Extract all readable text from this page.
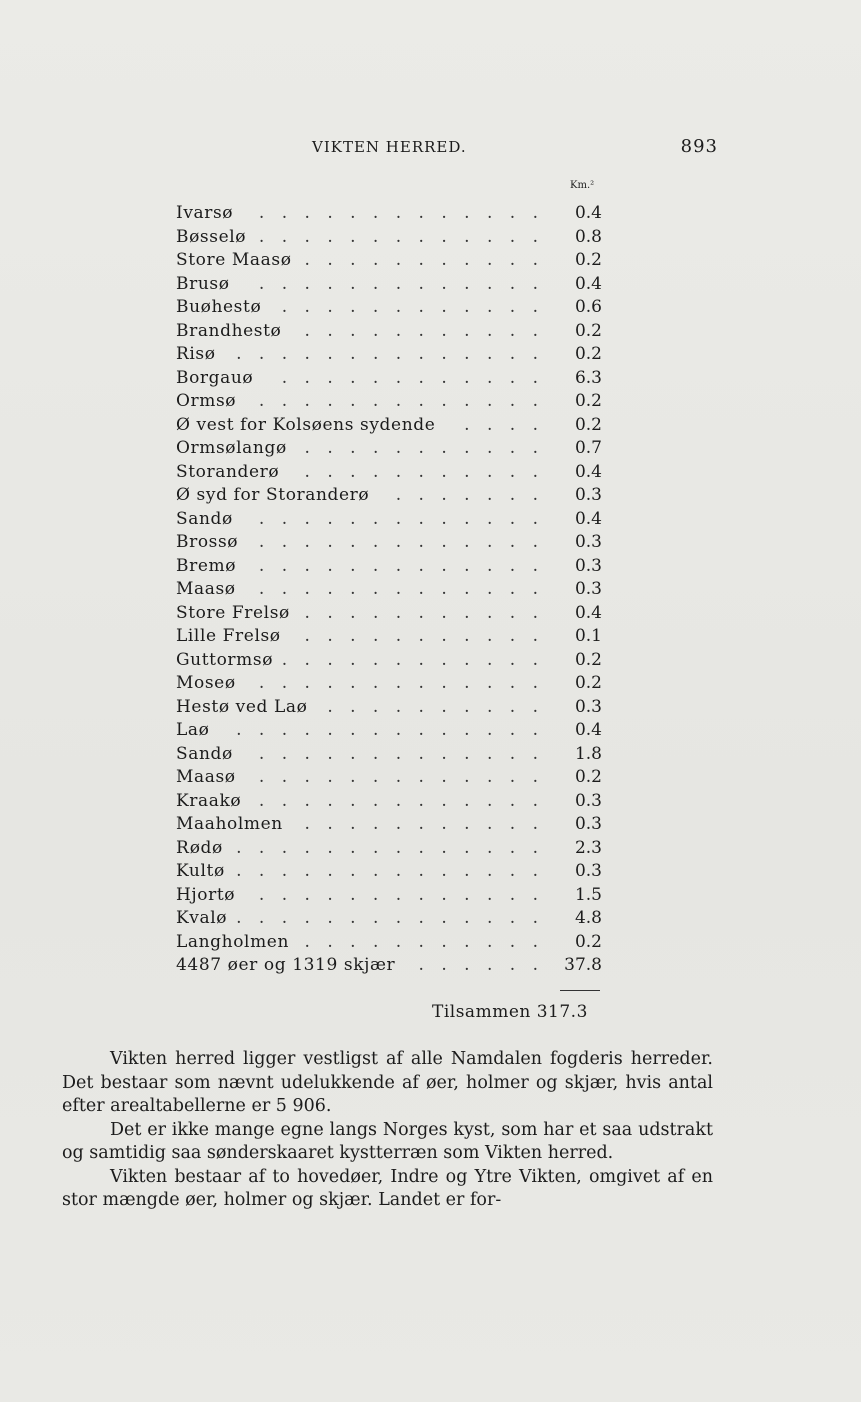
VIKTEN HERRED.	893
Km.²
Ivarsø . . . . . . . . . . . . .	0.4
Bøsselø . . . . . . . . . . . . .	0.8
Store Maasø . . . . . . . . . . .	0.2
Brusø . . . . . . . . . . . . .	0.4
Buøhestø . . . . . . . . . . . .	0.6
Brandhestø . . . . . . . . . . .	0.2
Risø . . . . . . . . . . . . . .	0.2
Borgauø . . . . . . . . . . . .	6.3
Ormsø . . . . . . . . . . . . .	0.2
Ø vest for Kolsøens sydende . . . .	0.2
Ormsølangø . . . . . . . . . . .	0.7
Storanderø . . . . . . . . . . .	0.4
Ø syd for Storanderø . . . . . . .	0.3
Sandø . . . . . . . . . . . . .	0.4
Brossø . . . . . . . . . . . . .	0.3
Bremø . . . . . . . . . . . . .	0.3
Maasø . . . . . . . . . . . . .	0.3
Store Frelsø . . . . . . . . . . .	0.4
Lille Frelsø . . . . . . . . . . .	0.1
Guttormsø . . . . . . . . . . . .	0.2
Moseø . . . . . . . . . . . . .	0.2
Hestø ved Laø . . . . . . . . . .	0.3
Laø . . . . . . . . . . . . . .	0.4
Sandø . . . . . . . . . . . . .	1.8
Maasø . . . . . . . . . . . . .	0.2
Kraakø . . . . . . . . . . . . .	0.3
Maaholmen . . . . . . . . . . .	0.3
Rødø . . . . . . . . . . . . . .	2.3
Kultø . . . . . . . . . . . . . .	0.3
Hjortø . . . . . . . . . . . . .	1.5
Kvalø . . . . . . . . . . . . . .	4.8
Langholmen . . . . . . . . . . .	0.2
4487 øer og 1319 skjær . . . . . .	37.8
Tilsammen 317.3

Vikten herred ligger vestligst af alle Namdalen fogderis herreder. Det bestaar som nævnt udelukkende af øer, holmer og skjær, hvis antal efter arealtabellerne er 5 906.

Det er ikke mange egne langs Norges kyst, som har et saa udstrakt og samtidig saa sønderskaaret kystterræn som Vikten herred.

Vikten bestaar af to hovedøer, Indre og Ytre Vikten, omgivet af en stor mængde øer, holmer og skjær. Landet er for-
